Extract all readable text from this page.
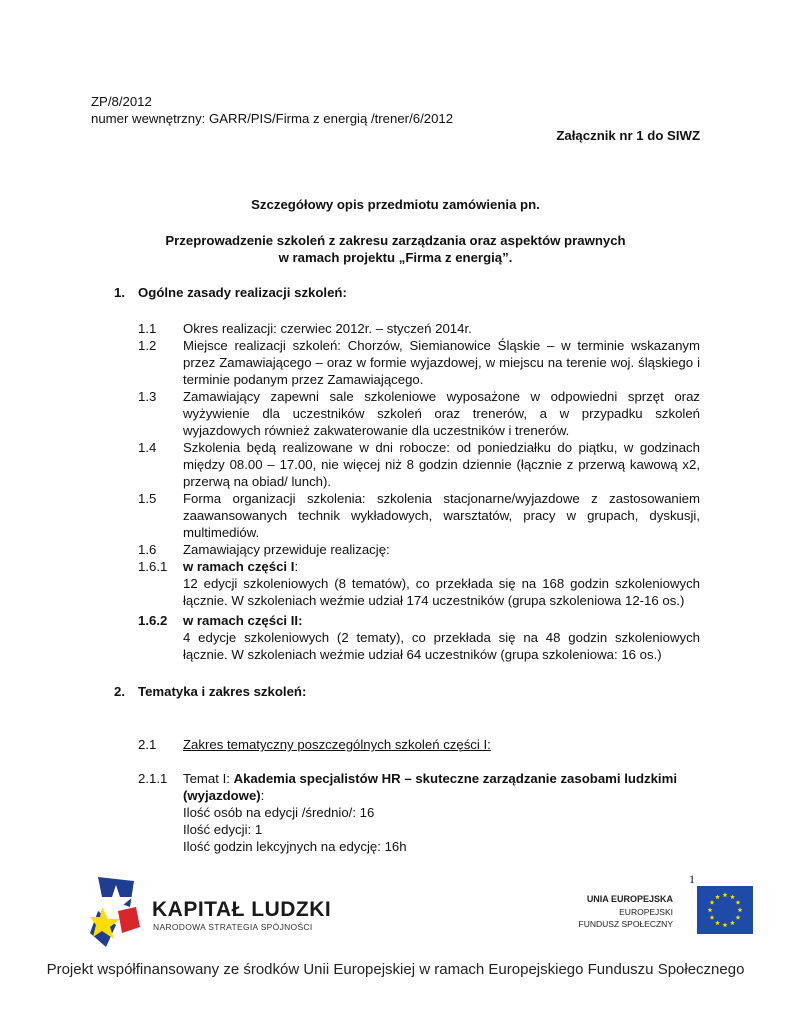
ZP/8/2012
numer wewnętrzny: GARR/PIS/Firma z energią /trener/6/2012
Załącznik nr 1 do SIWZ
Szczegółowy opis przedmiotu zamówienia pn.
Przeprowadzenie szkoleń z zakresu zarządzania oraz aspektów prawnych
w ramach projektu „Firma z energią”.
1. Ogólne zasady realizacji szkoleń:
1.1 Okres realizacji: czerwiec 2012r. – styczeń 2014r.
1.2 Miejsce realizacji szkoleń: Chorzów, Siemianowice Śląskie – w terminie wskazanym przez Zamawiającego – oraz w formie wyjazdowej, w miejscu na terenie woj. śląskiego i terminie podanym przez Zamawiającego.
1.3 Zamawiający zapewni sale szkoleniowe wyposażone w odpowiedni sprzęt oraz wyżywienie dla uczestników szkoleń oraz trenerów, a w przypadku szkoleń wyjazdowych również zakwaterowanie dla uczestników i trenerów.
1.4 Szkolenia będą realizowane w dni robocze: od poniedziałku do piątku, w godzinach między 08.00 – 17.00, nie więcej niż 8 godzin dziennie (łącznie z przerwą kawową x2, przerwą na obiad/ lunch).
1.5 Forma organizacji szkolenia: szkolenia stacjonarne/wyjazdowe z zastosowaniem zaawansowanych technik wykładowych, warsztatów, pracy w grupach, dyskusji, multimediów.
1.6 Zamawiający przewiduje realizację:
1.6.1 w ramach części I:
12 edycji szkoleniowych (8 tematów), co przekłada się na 168 godzin szkoleniowych łącznie. W szkoleniach weźmie udział 174 uczestników (grupa szkoleniowa 12-16 os.)
1.6.2 w ramach części II:
4 edycje szkoleniowych (2 tematy), co przekłada się na 48 godzin szkoleniowych łącznie. W szkoleniach weźmie udział 64 uczestników (grupa szkoleniowa: 16 os.)
2. Tematyka i zakres szkoleń:
2.1 Zakres tematyczny poszczególnych szkoleń części I:
2.1.1 Temat I: Akademia specjalistów HR – skuteczne zarządzanie zasobami ludzkimi
(wyjazdowe):
Ilość osób na edycji /średnio/: 16
Ilość edycji: 1
Ilość godzin lekcyjnych na edycję: 16h
1
KAPITAŁ LUDZKI
NARODOWA STRATEGIA SPÓJNOŚCI
UNIA EUROPEJSKA
EUROPEJSKI
FUNDUSZ SPOŁECZNY
Projekt współfinansowany ze środków Unii Europejskiej w ramach Europejskiego Funduszu Społecznego
